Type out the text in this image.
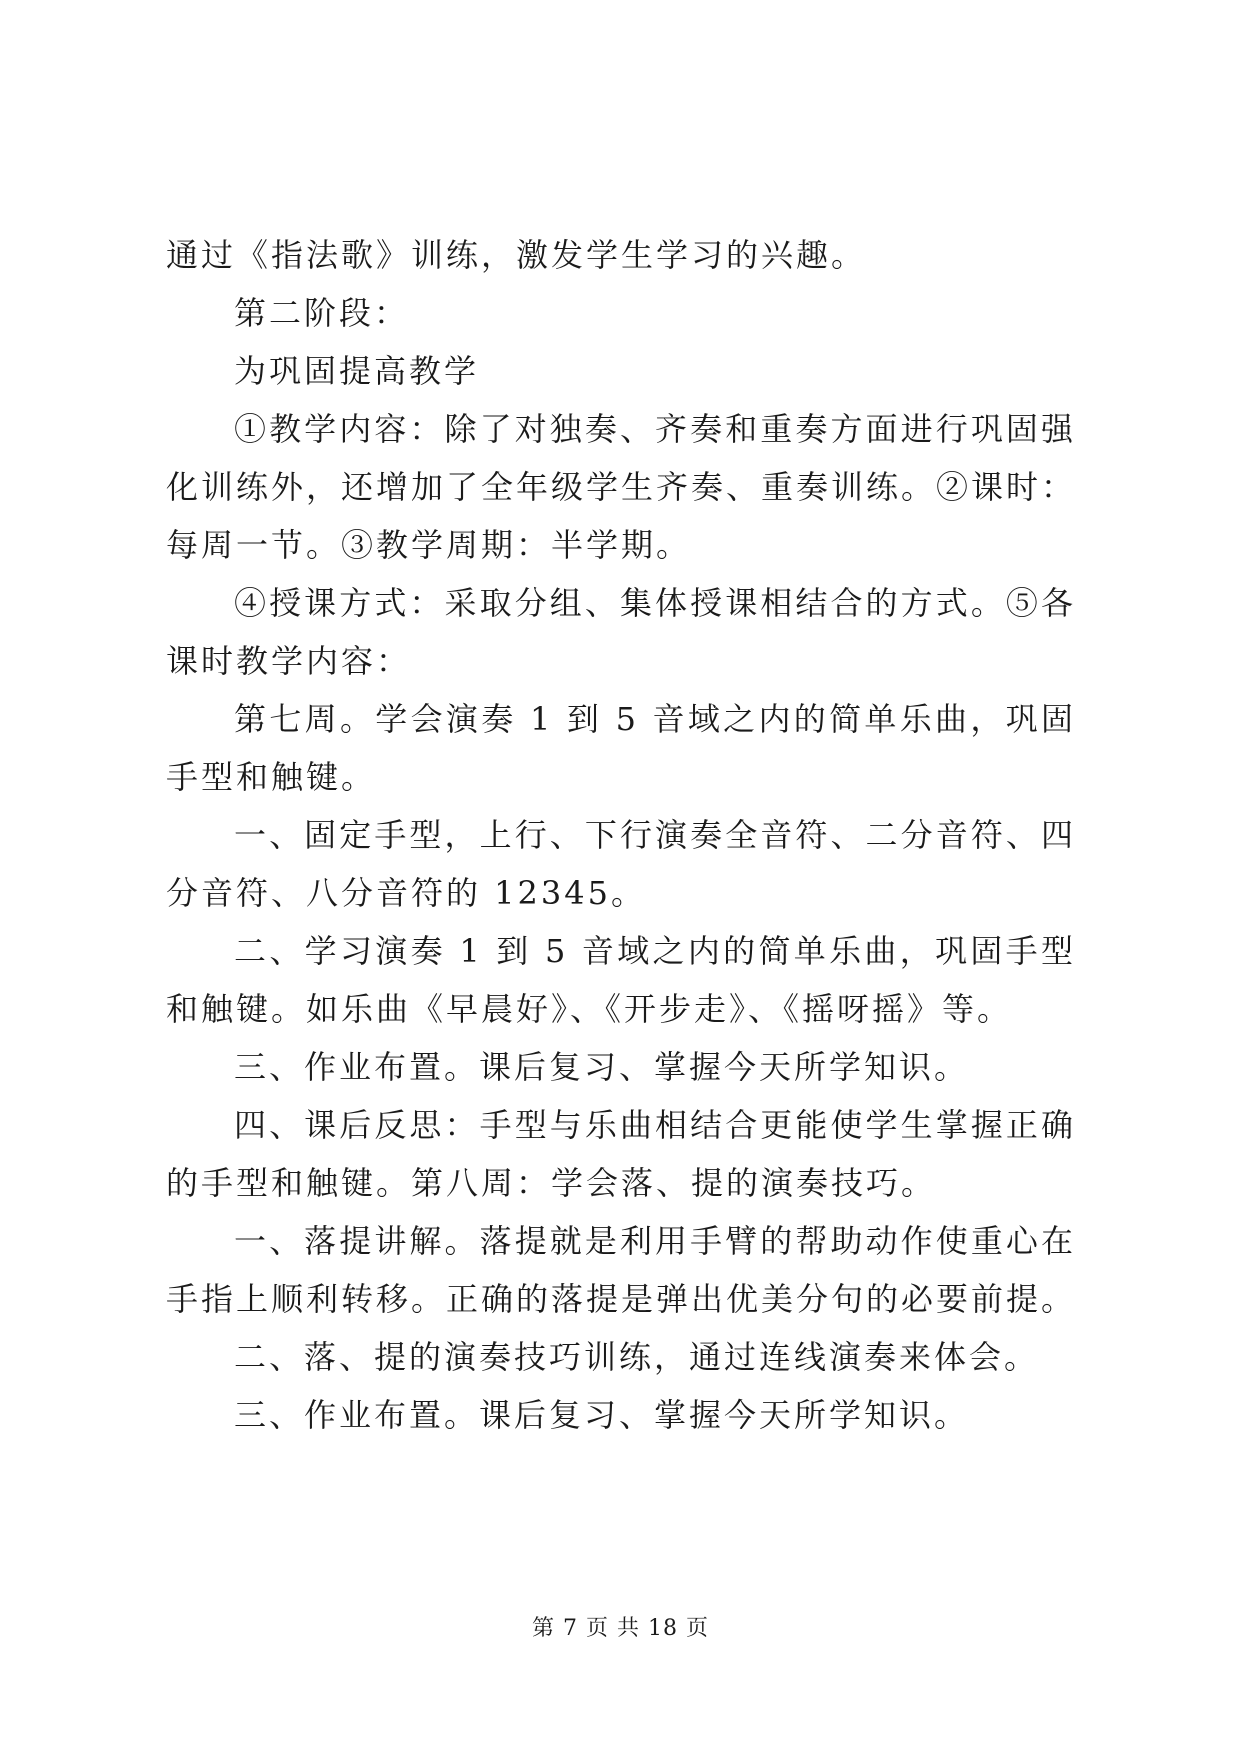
通过《指法歌》训练，激发学生学习的兴趣。

第二阶段：

为巩固提高教学

①教学内容：除了对独奏、齐奏和重奏方面进行巩固强化训练外，还增加了全年级学生齐奏、重奏训练。②课时：每周一节。③教学周期：半学期。

④授课方式：采取分组、集体授课相结合的方式。⑤各课时教学内容：

第七周。学会演奏 1 到 5 音域之内的简单乐曲，巩固手型和触键。

一、固定手型，上行、下行演奏全音符、二分音符、四分音符、八分音符的 12345。

二、学习演奏 1 到 5 音域之内的简单乐曲，巩固手型和触键。如乐曲《早晨好》、《开步走》、《摇呀摇》等。

三、作业布置。课后复习、掌握今天所学知识。

四、课后反思：手型与乐曲相结合更能使学生掌握正确的手型和触键。第八周：学会落、提的演奏技巧。

一、落提讲解。落提就是利用手臂的帮助动作使重心在手指上顺利转移。正确的落提是弹出优美分句的必要前提。

二、落、提的演奏技巧训练，通过连线演奏来体会。

三、作业布置。课后复习、掌握今天所学知识。

第 7 页 共 18 页
